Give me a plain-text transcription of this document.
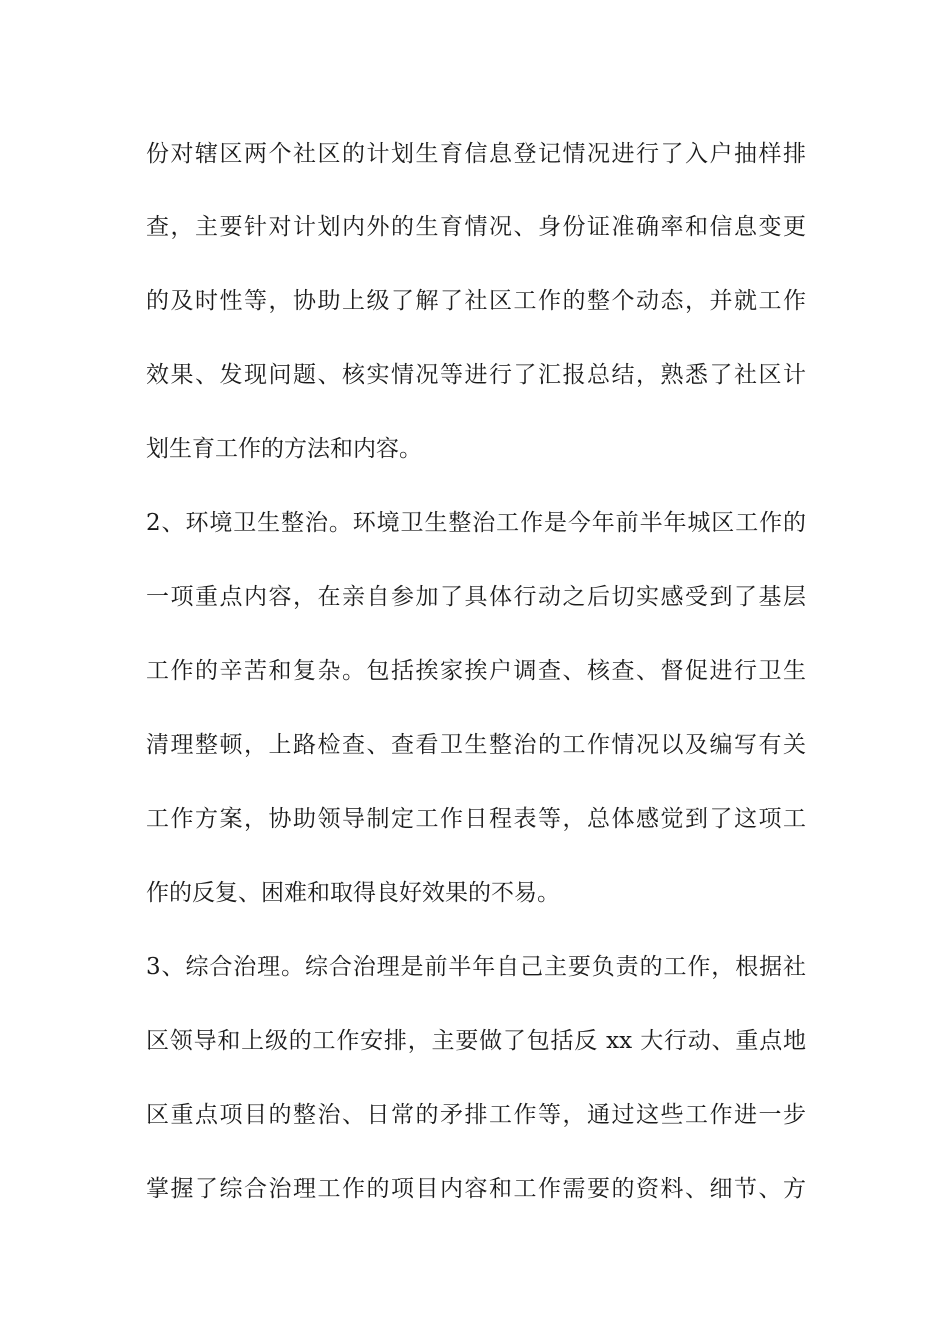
份对辖区两个社区的计划生育信息登记情况进行了入户抽样排
查，主要针对计划内外的生育情况、身份证准确率和信息变更
的及时性等，协助上级了解了社区工作的整个动态，并就工作
效果、发现问题、核实情况等进行了汇报总结，熟悉了社区计
划生育工作的方法和内容。
2、环境卫生整治。环境卫生整治工作是今年前半年城区工作的
一项重点内容，在亲自参加了具体行动之后切实感受到了基层
工作的辛苦和复杂。包括挨家挨户调查、核查、督促进行卫生
清理整顿，上路检查、查看卫生整治的工作情况以及编写有关
工作方案，协助领导制定工作日程表等，总体感觉到了这项工
作的反复、困难和取得良好效果的不易。
3、综合治理。综合治理是前半年自己主要负责的工作，根据社
区领导和上级的工作安排，主要做了包括反 xx 大行动、重点地
区重点项目的整治、日常的矛排工作等，通过这些工作进一步
掌握了综合治理工作的项目内容和工作需要的资料、细节、方
